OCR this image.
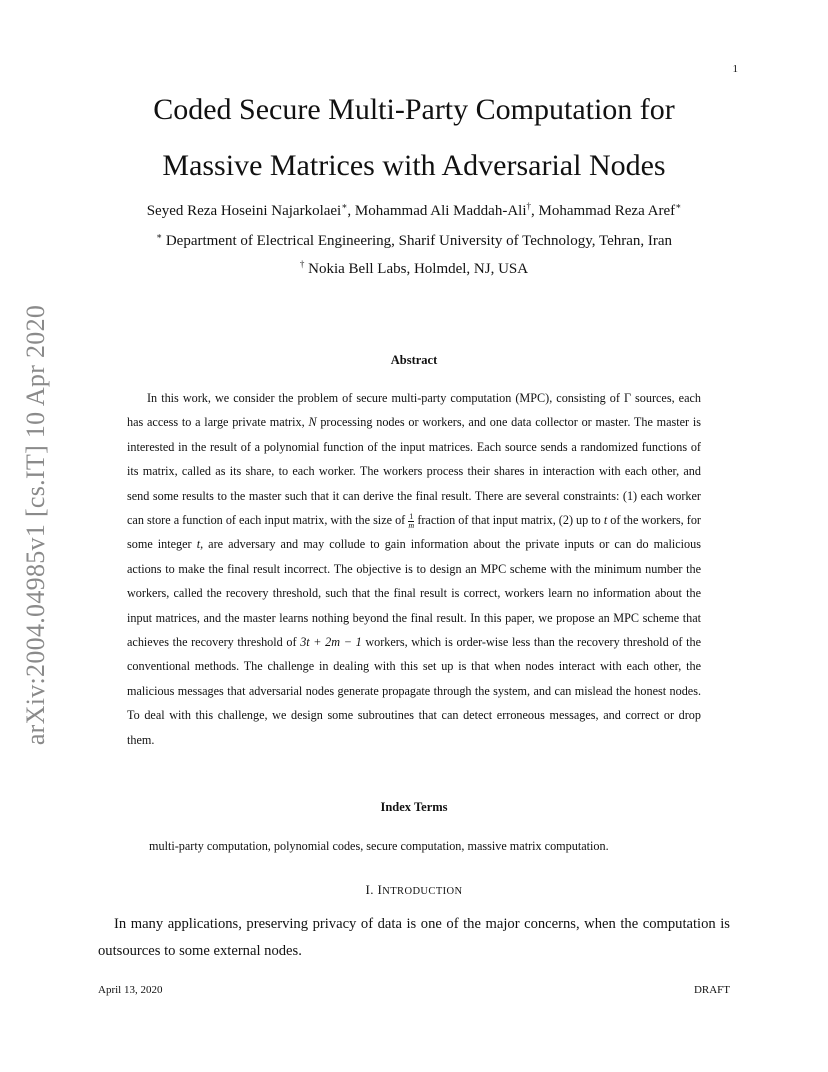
1
arXiv:2004.04985v1 [cs.IT] 10 Apr 2020
Coded Secure Multi-Party Computation for
Massive Matrices with Adversarial Nodes
Seyed Reza Hoseini Najarkolaei∗, Mohammad Ali Maddah-Ali†, Mohammad Reza Aref∗
∗ Department of Electrical Engineering, Sharif University of Technology, Tehran, Iran
† Nokia Bell Labs, Holmdel, NJ, USA
Abstract

In this work, we consider the problem of secure multi-party computation (MPC), consisting of Γ sources, each has access to a large private matrix, N processing nodes or workers, and one data collector or master. The master is interested in the result of a polynomial function of the input matrices. Each source sends a randomized functions of its matrix, called as its share, to each worker. The workers process their shares in interaction with each other, and send some results to the master such that it can derive the final result. There are several constraints: (1) each worker can store a function of each input matrix, with the size of $\frac{1}{m}$ fraction of that input matrix, (2) up to t of the workers, for some integer t, are adversary and may collude to gain information about the private inputs or can do malicious actions to make the final result incorrect. The objective is to design an MPC scheme with the minimum number the workers, called the recovery threshold, such that the final result is correct, workers learn no information about the input matrices, and the master learns nothing beyond the final result. In this paper, we propose an MPC scheme that achieves the recovery threshold of 3t + 2m − 1 workers, which is order-wise less than the recovery threshold of the conventional methods. The challenge in dealing with this set up is that when nodes interact with each other, the malicious messages that adversarial nodes generate propagate through the system, and can mislead the honest nodes. To deal with this challenge, we design some subroutines that can detect erroneous messages, and correct or drop them.

Index Terms
multi-party computation, polynomial codes, secure computation, massive matrix computation.
I. INTRODUCTION

In many applications, preserving privacy of data is one of the major concerns, when the computation is outsources to some external nodes.

April 13, 2020	DRAFT
